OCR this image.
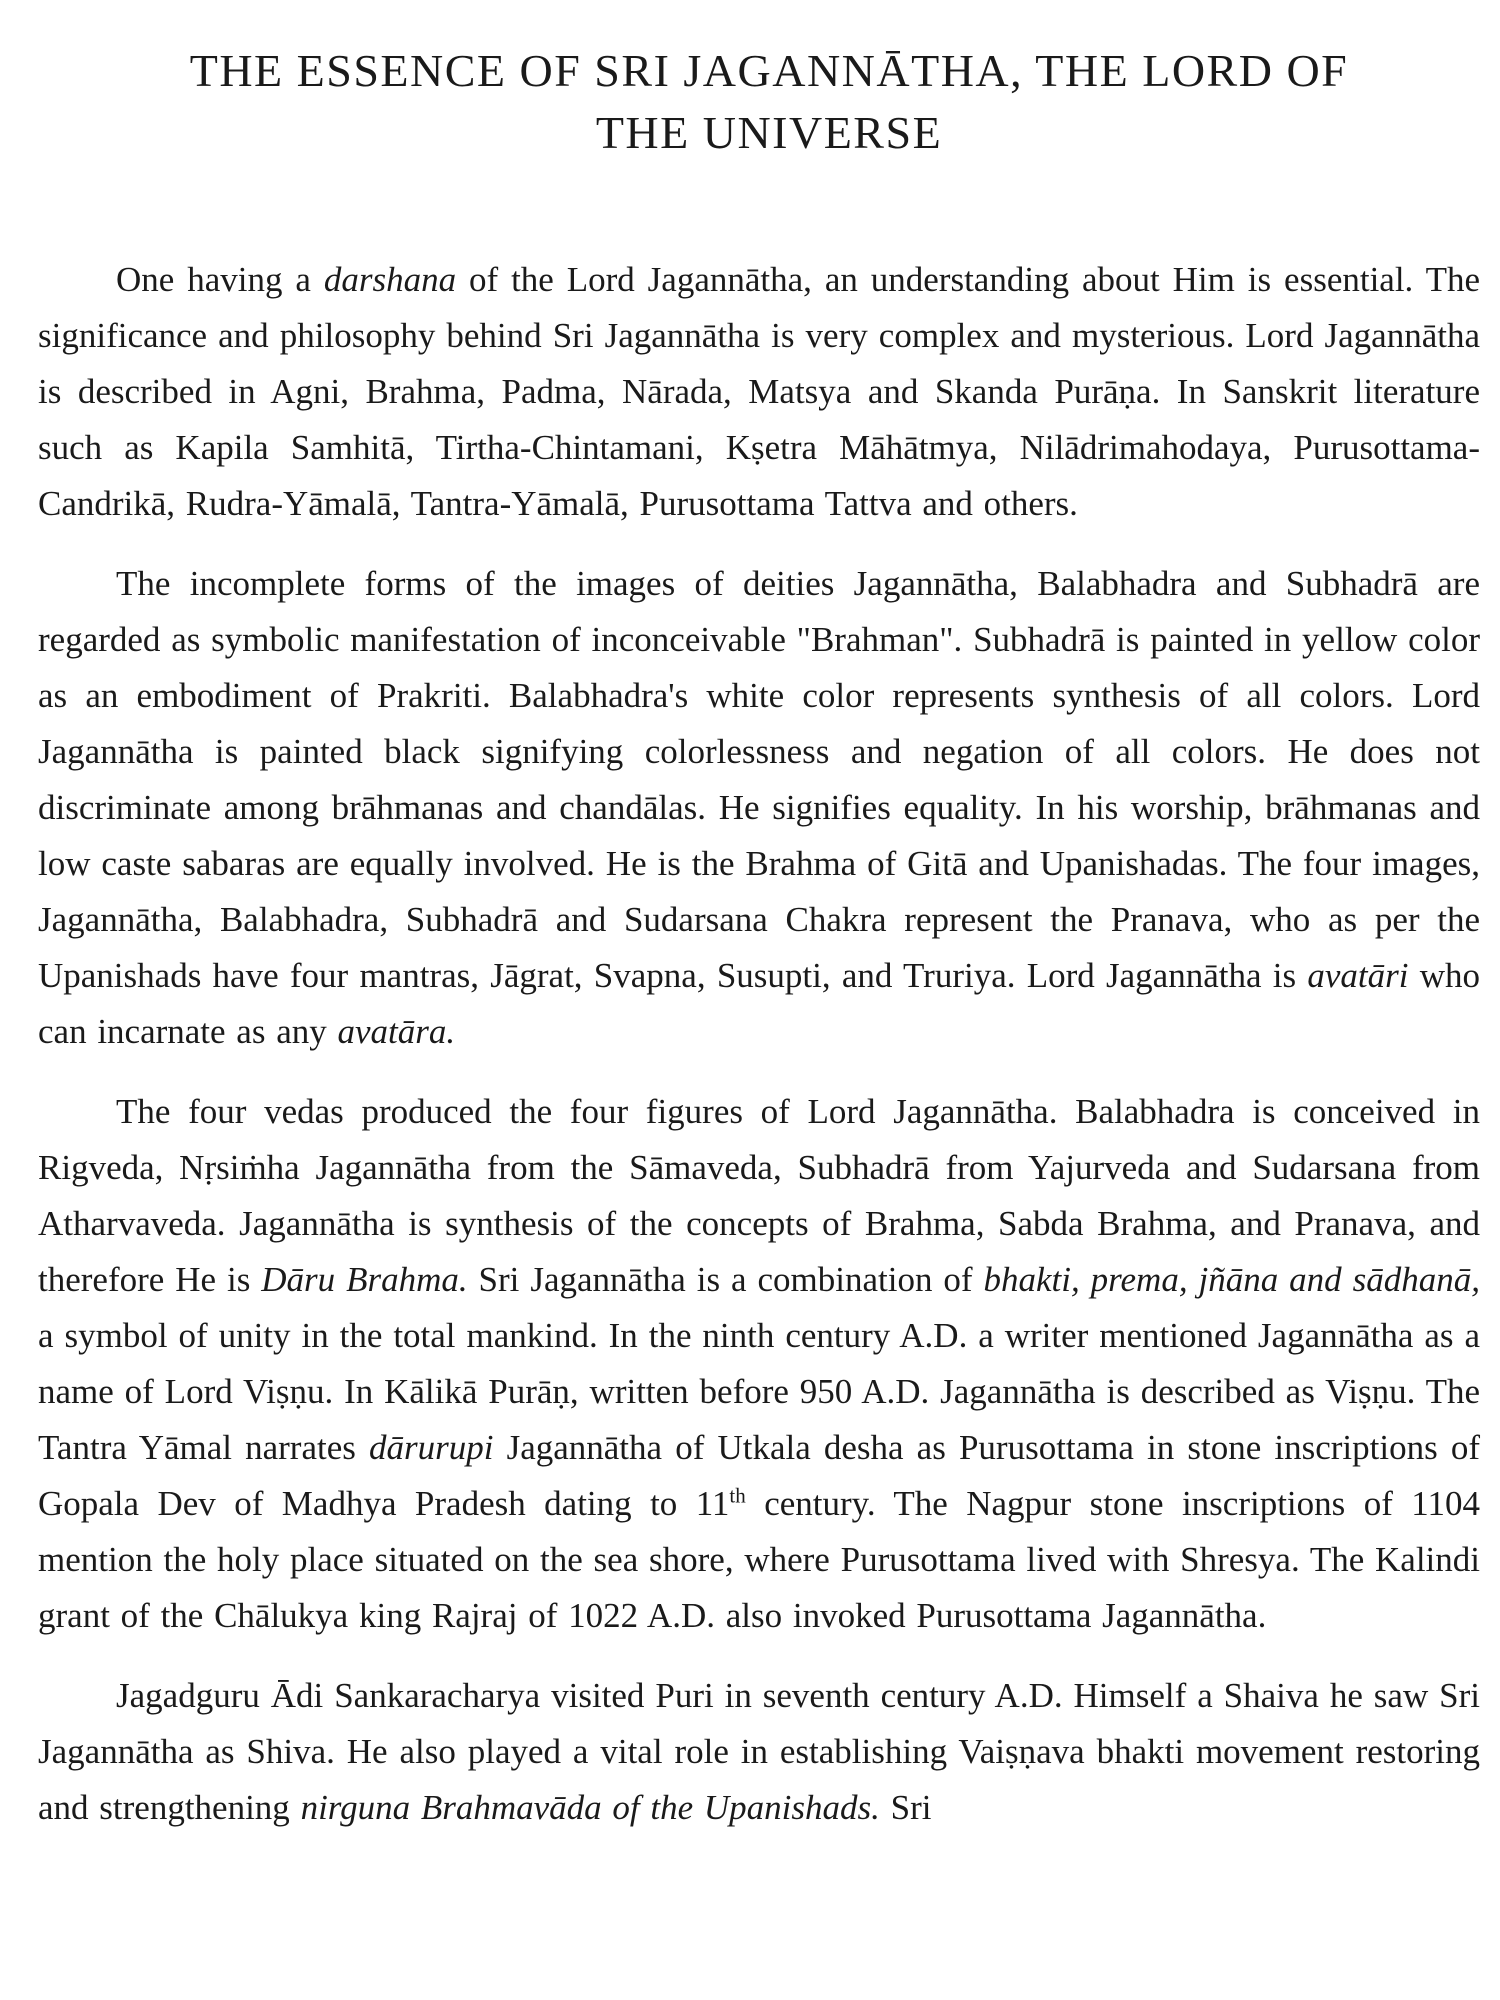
THE ESSENCE OF SRI JAGANNĀTHA, THE LORD OF
THE UNIVERSE

One having a darshana of the Lord Jagannātha, an understanding about Him is essential. The significance and philosophy behind Sri Jagannātha is very complex and mysterious. Lord Jagannātha is described in Agni, Brahma, Padma, Nārada, Matsya and Skanda Purāṇa. In Sanskrit literature such as Kapila Samhitā, Tirtha-Chintamani, Kṣetra Māhātmya, Nilādrimahodaya, Purusottama-Candrikā, Rudra-Yāmalā, Tantra-Yāmalā, Purusottama Tattva and others.

The incomplete forms of the images of deities Jagannātha, Balabhadra and Subhadrā are regarded as symbolic manifestation of inconceivable "Brahman". Subhadrā is painted in yellow color as an embodiment of Prakriti. Balabhadra's white color represents synthesis of all colors. Lord Jagannātha is painted black signifying colorlessness and negation of all colors. He does not discriminate among brāhmanas and chandālas. He signifies equality. In his worship, brāhmanas and low caste sabaras are equally involved. He is the Brahma of Gitā and Upanishadas. The four images, Jagannātha, Balabhadra, Subhadrā and Sudarsana Chakra represent the Pranava, who as per the Upanishads have four mantras, Jāgrat, Svapna, Susupti, and Truriya. Lord Jagannātha is avatāri who can incarnate as any avatāra.

The four vedas produced the four figures of Lord Jagannātha. Balabhadra is conceived in Rigveda, Nṛsiṁha Jagannātha from the Sāmaveda, Subhadrā from Yajurveda and Sudarsana from Atharvaveda. Jagannātha is synthesis of the concepts of Brahma, Sabda Brahma, and Pranava, and therefore He is Dāru Brahma. Sri Jagannātha is a combination of bhakti, prema, jñāna and sādhanā, a symbol of unity in the total mankind. In the ninth century A.D. a writer mentioned Jagannātha as a name of Lord Viṣṇu. In Kālikā Purāṇ, written before 950 A.D. Jagannātha is described as Viṣṇu. The Tantra Yāmal narrates dārurupi Jagannātha of Utkala desha as Purusottama in stone inscriptions of Gopala Dev of Madhya Pradesh dating to 11th century. The Nagpur stone inscriptions of 1104 mention the holy place situated on the sea shore, where Purusottama lived with Shresya. The Kalindi grant of the Chālukya king Rajraj of 1022 A.D. also invoked Purusottama Jagannātha.

Jagadguru Ādi Sankaracharya visited Puri in seventh century A.D. Himself a Shaiva he saw Sri Jagannātha as Shiva. He also played a vital role in establishing Vaiṣṇava bhakti movement restoring and strengthening nirguna Brahmavāda of the Upanishads. Sri
